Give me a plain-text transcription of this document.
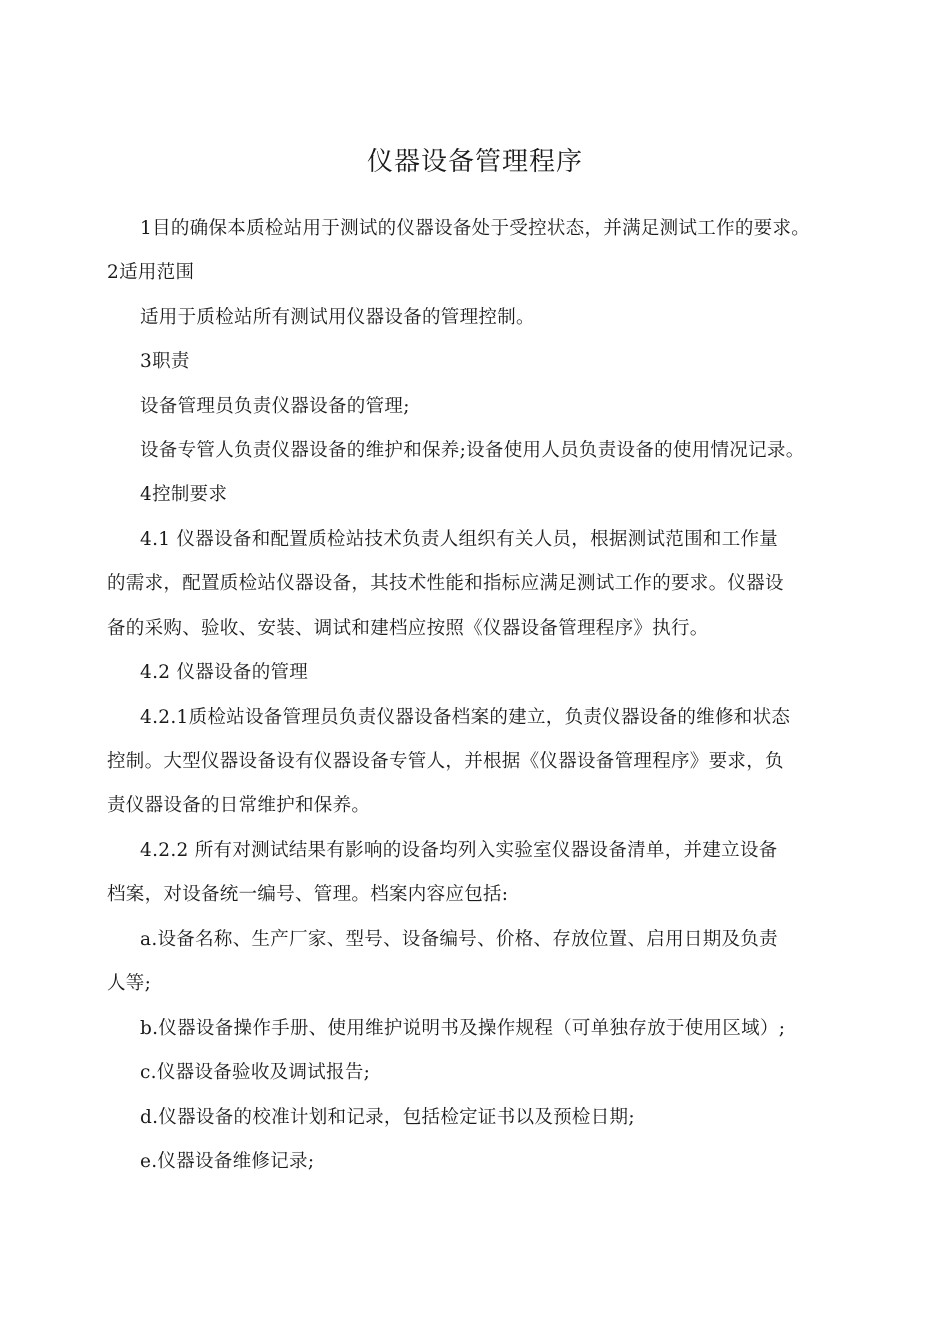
仪器设备管理程序
1目的确保本质检站用于测试的仪器设备处于受控状态，并满足测试工作的要求。
2适用范围
适用于质检站所有测试用仪器设备的管理控制。
3职责
设备管理员负责仪器设备的管理;
设备专管人负责仪器设备的维护和保养;设备使用人员负责设备的使用情况记录。
4控制要求
4.1 仪器设备和配置质检站技术负责人组织有关人员，根据测试范围和工作量
的需求，配置质检站仪器设备，其技术性能和指标应满足测试工作的要求。仪器设
备的采购、验收、安装、调试和建档应按照《仪器设备管理程序》执行。
4.2 仪器设备的管理
4.2.1质检站设备管理员负责仪器设备档案的建立，负责仪器设备的维修和状态
控制。大型仪器设备设有仪器设备专管人，并根据《仪器设备管理程序》要求，负
责仪器设备的日常维护和保养。
4.2.2 所有对测试结果有影响的设备均列入实验室仪器设备清单，并建立设备
档案，对设备统一编号、管理。档案内容应包括:
a.设备名称、生产厂家、型号、设备编号、价格、存放位置、启用日期及负责
人等;
b.仪器设备操作手册、使用维护说明书及操作规程（可单独存放于使用区域）;
c.仪器设备验收及调试报告;
d.仪器设备的校准计划和记录，包括检定证书以及预检日期;
e.仪器设备维修记录;
